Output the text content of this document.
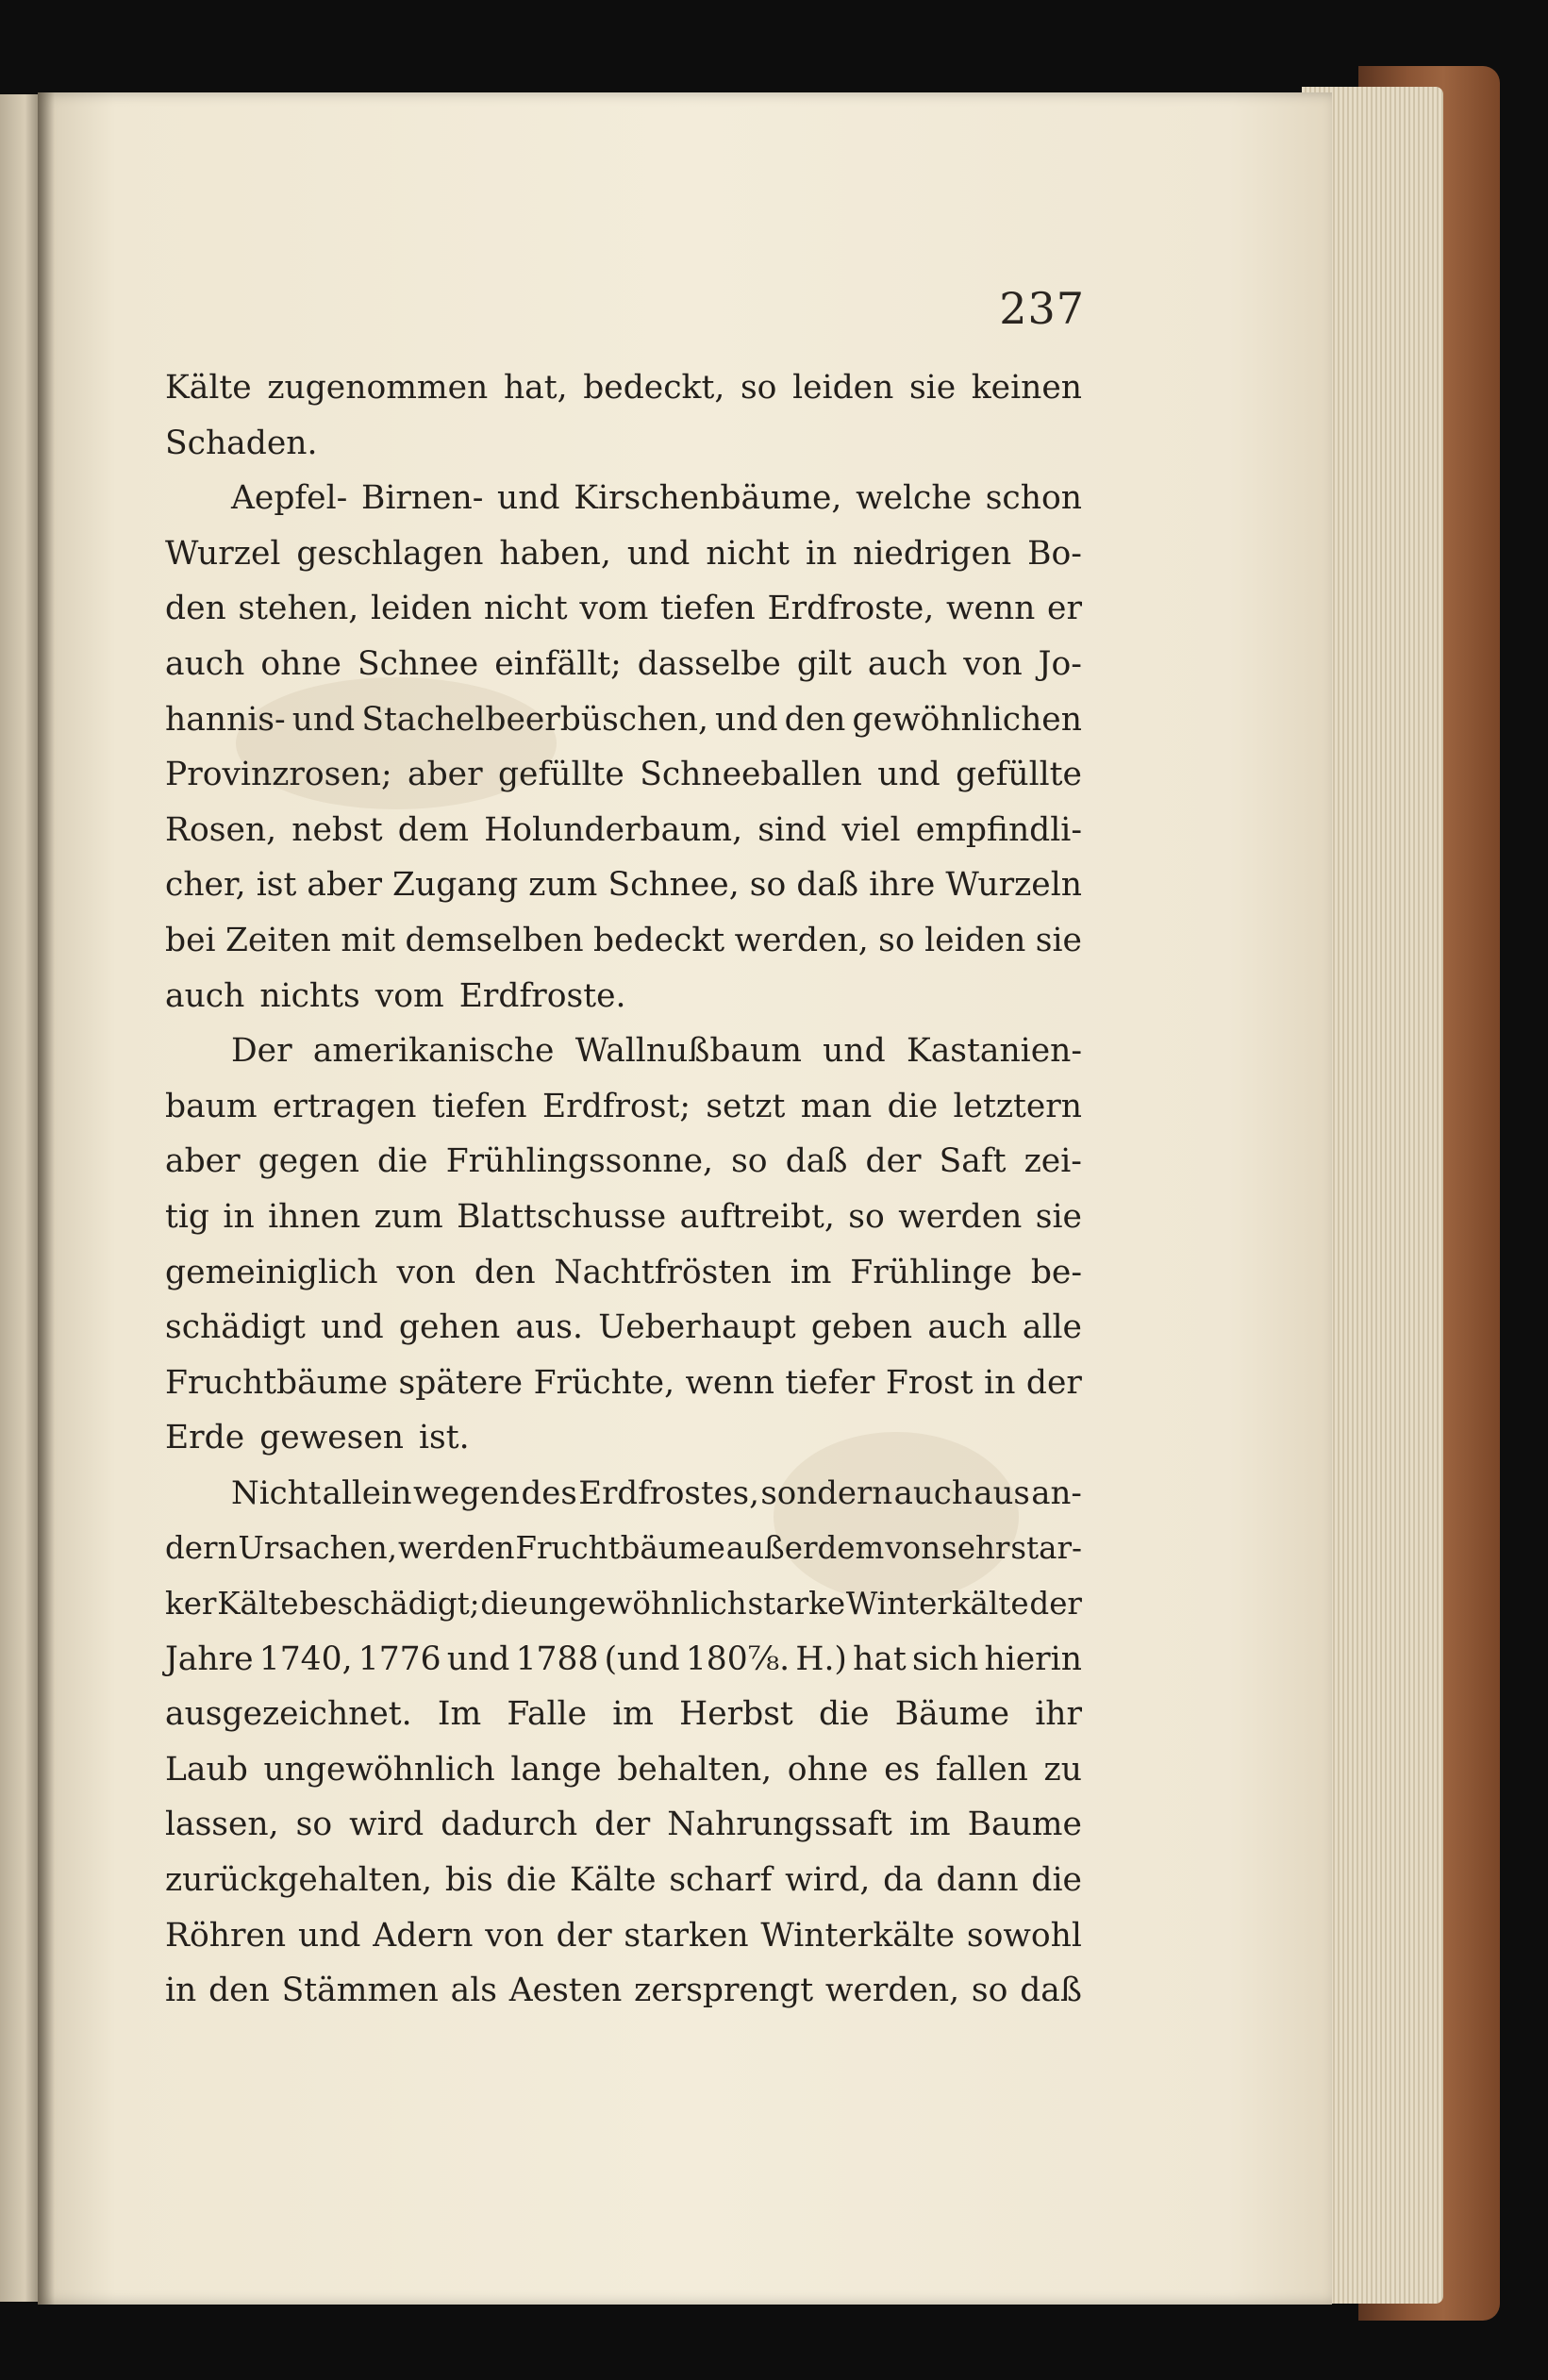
237
Kälte zugenommen hat, bedeckt, so leiden sie keinen
Schaden.
Aepfel- Birnen- und Kirschenbäume, welche schon
Wurzel geschlagen haben, und nicht in niedrigen Bo-
den stehen, leiden nicht vom tiefen Erdfroste, wenn er
auch ohne Schnee einfällt; dasselbe gilt auch von Jo-
hannis- und Stachelbeerbüschen, und den gewöhnlichen
Provinzrosen; aber gefüllte Schneeballen und gefüllte
Rosen, nebst dem Holunderbaum, sind viel empfindli-
cher, ist aber Zugang zum Schnee, so daß ihre Wurzeln
bei Zeiten mit demselben bedeckt werden, so leiden sie
auch nichts vom Erdfroste.
Der amerikanische Wallnußbaum und Kastanien-
baum ertragen tiefen Erdfrost; setzt man die letztern
aber gegen die Frühlingssonne, so daß der Saft zei-
tig in ihnen zum Blattschusse auftreibt, so werden sie
gemeiniglich von den Nachtfrösten im Frühlinge be-
schädigt und gehen aus. Ueberhaupt geben auch alle
Fruchtbäume spätere Früchte, wenn tiefer Frost in der
Erde gewesen ist.
Nicht allein wegen des Erdfrostes, sondern auch aus an-
dern Ursachen, werden Fruchtbäume außerdem von sehr star-
ker Kälte beschädigt; die ungewöhnlich starke Winterkälte der
Jahre 1740, 1776 und 1788 (und 180⅞. H.) hat sich hierin
ausgezeichnet. Im Falle im Herbst die Bäume ihr
Laub ungewöhnlich lange behalten, ohne es fallen zu
lassen, so wird dadurch der Nahrungssaft im Baume
zurückgehalten, bis die Kälte scharf wird, da dann die
Röhren und Adern von der starken Winterkälte sowohl
in den Stämmen als Aesten zersprengt werden, so daß
